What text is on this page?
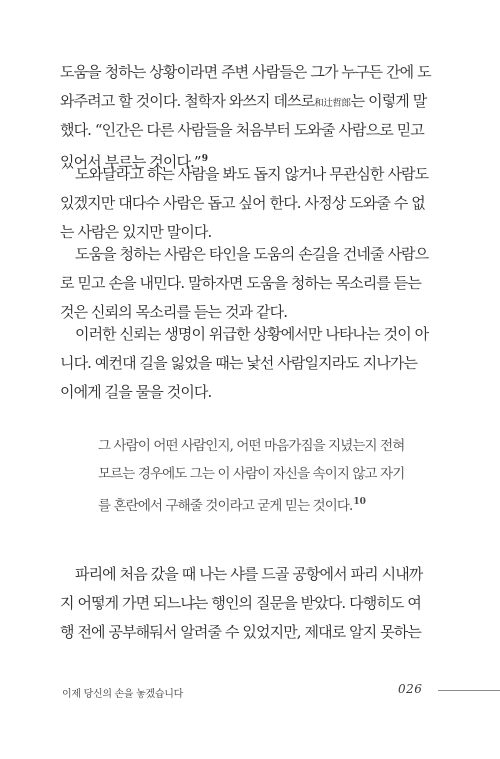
도움을 청하는 상황이라면 주변 사람들은 그가 누구든 간에 도
와주려고 할 것이다. 철학자 와쓰지 데쓰로和辻哲郎는 이렇게 말
했다. “인간은 다른 사람들을 처음부터 도와줄 사람으로 믿고
있어서 부르는 것이다.”$^9$

도와달라고 하는 사람을 봐도 돕지 않거나 무관심한 사람도
있겠지만 대다수 사람은 돕고 싶어 한다. 사정상 도와줄 수 없
는 사람은 있지만 말이다.

도움을 청하는 사람은 타인을 도움의 손길을 건네줄 사람으
로 믿고 손을 내민다. 말하자면 도움을 청하는 목소리를 듣는
것은 신뢰의 목소리를 듣는 것과 같다.

이러한 신뢰는 생명이 위급한 상황에서만 나타나는 것이 아
니다. 예컨대 길을 잃었을 때는 낯선 사람일지라도 지나가는
이에게 길을 물을 것이다.

그 사람이 어떤 사람인지, 어떤 마음가짐을 지녔는지 전혀
모르는 경우에도 그는 이 사람이 자신을 속이지 않고 자기
를 혼란에서 구해줄 것이라고 굳게 믿는 것이다.$^{10}$

파리에 처음 갔을 때 나는 샤를 드골 공항에서 파리 시내까
지 어떻게 가면 되느냐는 행인의 질문을 받았다. 다행히도 여
행 전에 공부해둬서 알려줄 수 있었지만, 제대로 알지 못하는

이제 당신의 손을 놓겠습니다	026
